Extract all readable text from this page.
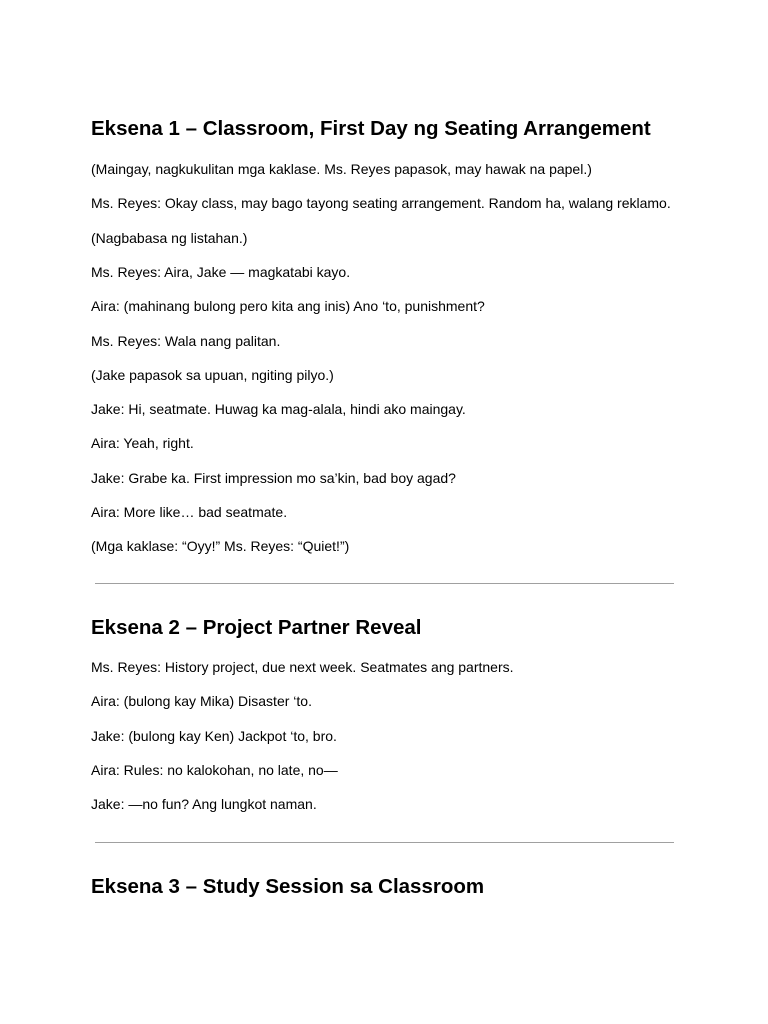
Eksena 1 – Classroom, First Day ng Seating Arrangement

(Maingay, nagkukulitan mga kaklase. Ms. Reyes papasok, may hawak na papel.)

Ms. Reyes: Okay class, may bago tayong seating arrangement. Random ha, walang reklamo.

(Nagbabasa ng listahan.)

Ms. Reyes: Aira, Jake — magkatabi kayo.

Aira: (mahinang bulong pero kita ang inis) Ano ‘to, punishment?

Ms. Reyes: Wala nang palitan.

(Jake papasok sa upuan, ngiting pilyo.)

Jake: Hi, seatmate. Huwag ka mag-alala, hindi ako maingay.

Aira: Yeah, right.

Jake: Grabe ka. First impression mo sa’kin, bad boy agad?

Aira: More like… bad seatmate.

(Mga kaklase: “Oyy!” Ms. Reyes: “Quiet!”)

Eksena 2 – Project Partner Reveal

Ms. Reyes: History project, due next week. Seatmates ang partners.

Aira: (bulong kay Mika) Disaster ‘to.

Jake: (bulong kay Ken) Jackpot ‘to, bro.

Aira: Rules: no kalokohan, no late, no—

Jake: —no fun? Ang lungkot naman.

Eksena 3 – Study Session sa Classroom
